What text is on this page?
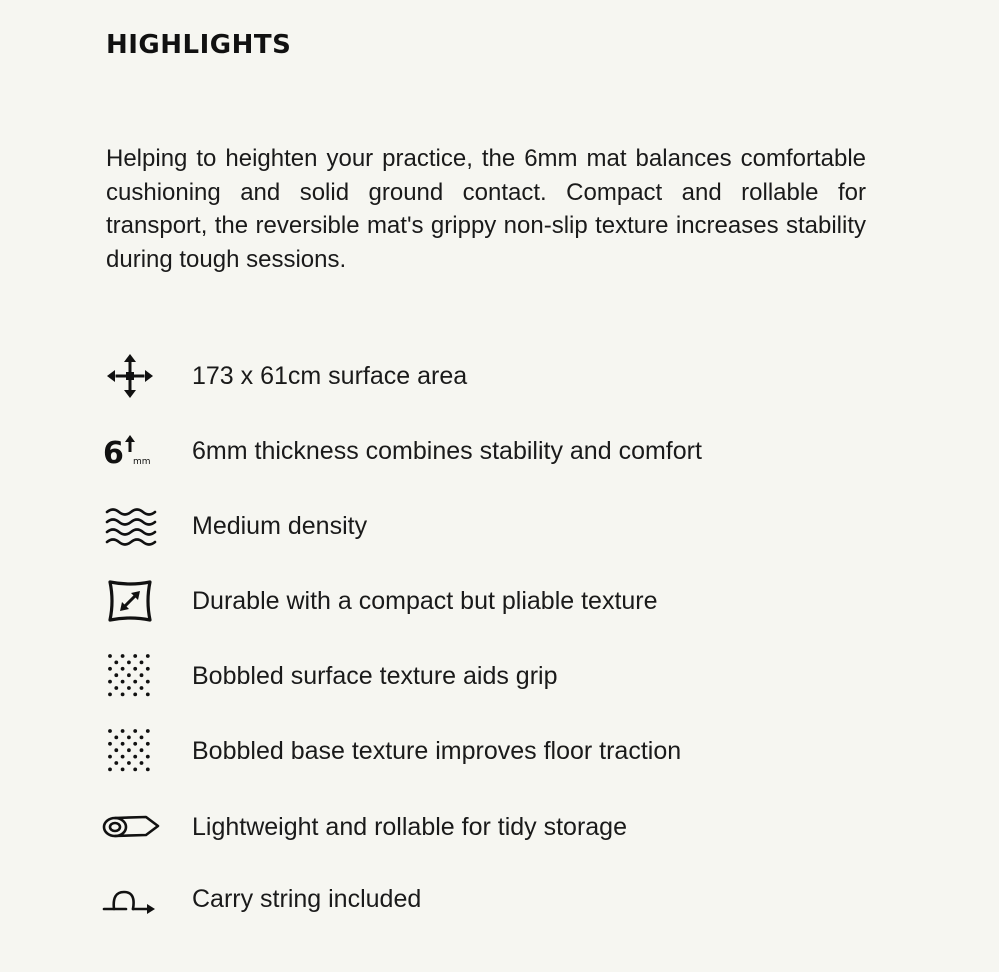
HIGHLIGHTS

Helping to heighten your practice, the 6mm mat balances comfortable cushioning and solid ground contact. Compact and rollable for transport, the reversible mat's grippy non-slip texture increases stability during tough sessions.

173 x 61cm surface area
6 mm 6mm thickness combines stability and comfort
Medium density
Durable with a compact but pliable texture
Bobbled surface texture aids grip
Bobbled base texture improves floor traction
Lightweight and rollable for tidy storage
Carry string included
